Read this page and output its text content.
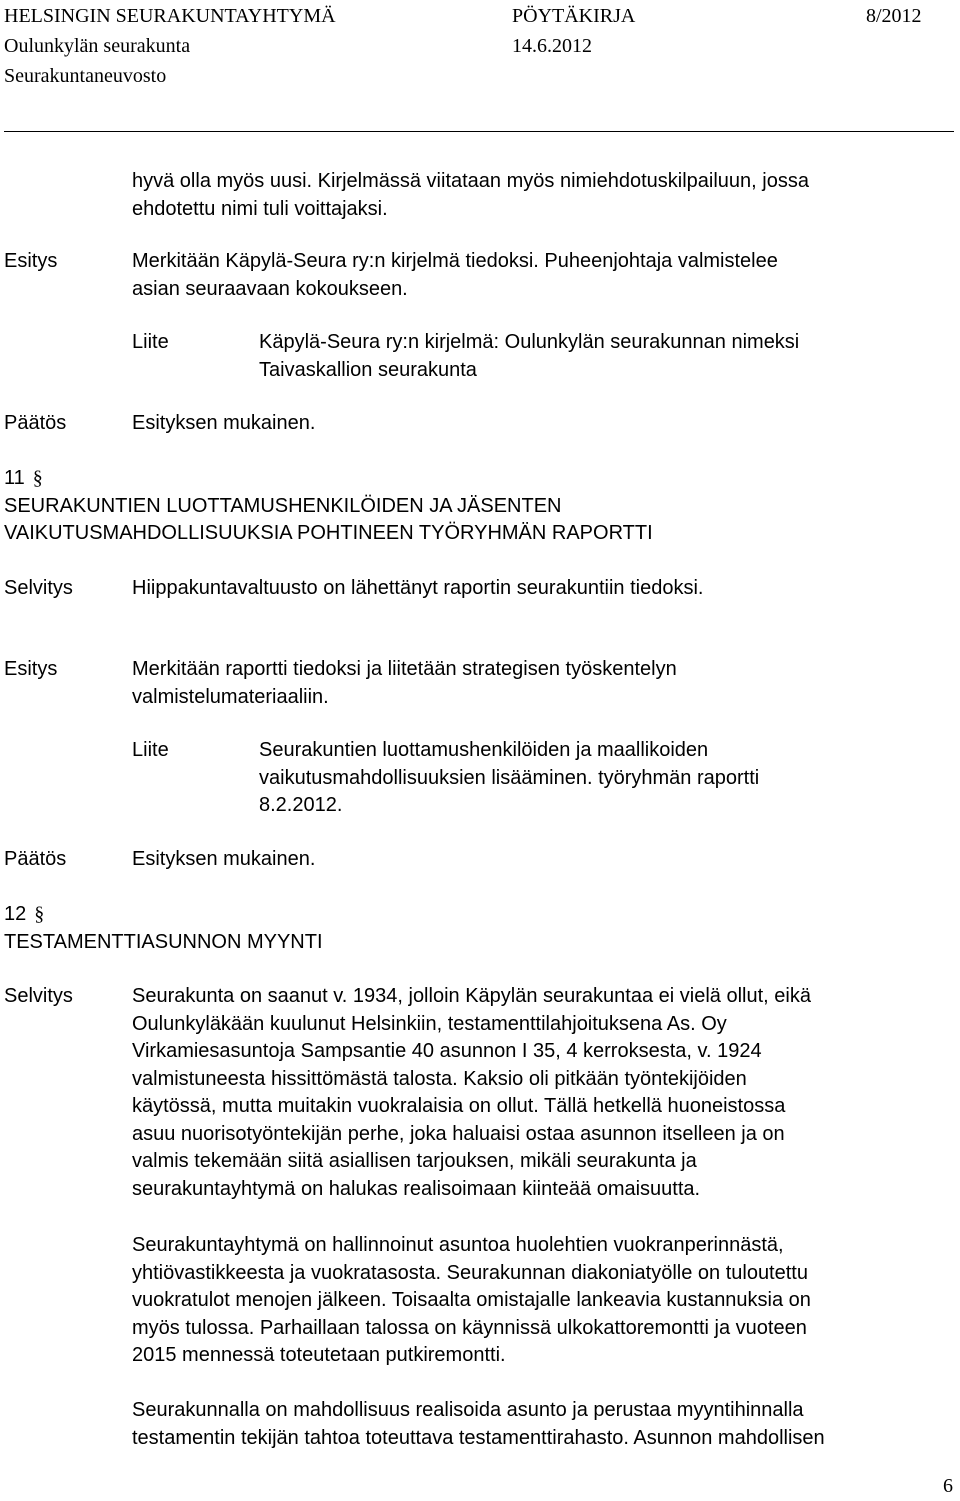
HELSINGIN SEURAKUNTAYHTYMÄ	PÖYTÄKIRJA	8/2012
Oulunkylän seurakunta	14.6.2012
Seurakuntaneuvosto
hyvä olla myös uusi. Kirjelmässä viitataan myös nimiehdotuskilpailuun, jossa
ehdotettu nimi tuli voittajaksi.
Esitys	Merkitään Käpylä-Seura ry:n kirjelmä tiedoksi. Puheenjohtaja valmistelee
asian seuraavaan kokoukseen.
Liite	Käpylä-Seura ry:n kirjelmä: Oulunkylän seurakunnan nimeksi
Taivaskallion seurakunta
Päätös	Esityksen mukainen.
11 §
SEURAKUNTIEN LUOTTAMUSHENKILÖIDEN JA JÄSENTEN
VAIKUTUSMAHDOLLISUUKSIA POHTINEEN TYÖRYHMÄN RAPORTTI
Selvitys	Hiippakuntavaltuusto on lähettänyt raportin seurakuntiin tiedoksi.
Esitys	Merkitään raportti tiedoksi ja liitetään strategisen työskentelyn
valmistelumateriaaliin.
Liite	Seurakuntien luottamushenkilöiden ja maallikoiden
vaikutusmahdollisuuksien lisääminen. työryhmän raportti
8.2.2012.
Päätös	Esityksen mukainen.
12 §
TESTAMENTTIASUNNON MYYNTI
Selvitys	Seurakunta on saanut v. 1934, jolloin Käpylän seurakuntaa ei vielä ollut, eikä
Oulunkyläkään kuulunut Helsinkiin, testamenttilahjoituksena As. Oy
Virkamiesasuntoja Sampsantie 40 asunnon I 35, 4 kerroksesta, v. 1924
valmistuneesta hissittömästä talosta. Kaksio oli pitkään työntekijöiden
käytössä, mutta muitakin vuokralaisia on ollut. Tällä hetkellä huoneistossa
asuu nuorisotyöntekijän perhe, joka haluaisi ostaa asunnon itselleen ja on
valmis tekemään siitä asiallisen tarjouksen, mikäli seurakunta ja
seurakuntayhtymä on halukas realisoimaan kiinteää omaisuutta.
Seurakuntayhtymä on hallinnoinut asuntoa huolehtien vuokranperinnästä,
yhtiövastikkeesta ja vuokratasosta. Seurakunnan diakoniatyölle on tuloutettu
vuokratulot menojen jälkeen. Toisaalta omistajalle lankeavia kustannuksia on
myös tulossa. Parhaillaan talossa on käynnissä ulkokattoremontti ja vuoteen
2015 mennessä toteutetaan putkiremontti.
Seurakunnalla on mahdollisuus realisoida asunto ja perustaa myyntihinnalla
testamentin tekijän tahtoa toteuttava testamenttirahasto. Asunnon mahdollisen
6
